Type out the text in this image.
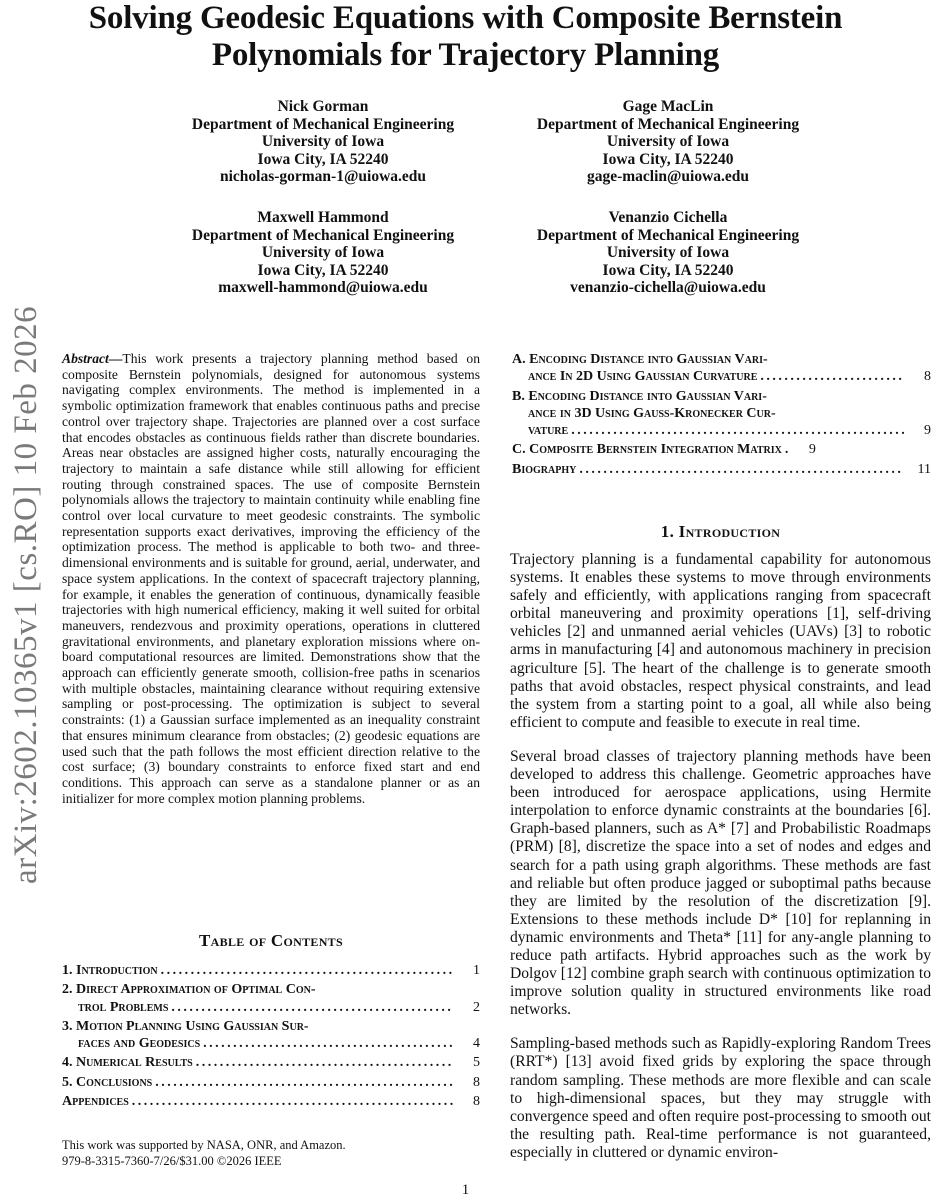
Solving Geodesic Equations with Composite Bernstein Polynomials for Trajectory Planning
Nick Gorman
Department of Mechanical Engineering
University of Iowa
Iowa City, IA 52240
nicholas-gorman-1@uiowa.edu
Gage MacLin
Department of Mechanical Engineering
University of Iowa
Iowa City, IA 52240
gage-maclin@uiowa.edu
Maxwell Hammond
Department of Mechanical Engineering
University of Iowa
Iowa City, IA 52240
maxwell-hammond@uiowa.edu
Venanzio Cichella
Department of Mechanical Engineering
University of Iowa
Iowa City, IA 52240
venanzio-cichella@uiowa.edu
arXiv:2602.10365v1 [cs.RO] 10 Feb 2026 Abstract—This work presents a trajectory planning method based on composite Bernstein polynomials, designed for autonomous systems navigating complex environments. The method is implemented in a symbolic optimization framework that enables continuous paths and precise control over trajectory shape. Trajectories are planned over a cost surface that encodes obstacles as continuous fields rather than discrete boundaries. Areas near obstacles are assigned higher costs, naturally encouraging the trajectory to maintain a safe distance while still allowing for efficient routing through constrained spaces. The use of composite Bernstein polynomials allows the trajectory to maintain continuity while enabling fine control over local curvature to meet geodesic constraints. The symbolic representation supports exact derivatives, improving the efficiency of the optimization process. The method is applicable to both two- and three-dimensional environments and is suitable for ground, aerial, underwater, and space system applications. In the context of spacecraft trajectory planning, for example, it enables the generation of continuous, dynamically feasible trajectories with high numerical efficiency, making it well suited for orbital maneuvers, rendezvous and proximity operations, operations in cluttered gravitational environments, and planetary exploration missions where on-board computational resources are limited. Demonstrations show that the approach can efficiently generate smooth, collision-free paths in scenarios with multiple obstacles, maintaining clearance without requiring extensive sampling or post-processing. The optimization is subject to several constraints: (1) a Gaussian surface implemented as an inequality constraint that ensures minimum clearance from obstacles; (2) geodesic equations are used such that the path follows the most efficient direction relative to the cost surface; (3) boundary constraints to enforce fixed start and end conditions. This approach can serve as a standalone planner or as an initializer for more complex motion planning problems.
Table of Contents
1. Introduction . . .	1
2. Direct Approximation of Optimal Con-
trol Problems . . .	2
3. Motion Planning Using Gaussian Sur-
faces and Geodesics . . .	4
4. Numerical Results . . .	5
5. Conclusions . . .	8
Appendices . . .	8
This work was supported by NASA, ONR, and Amazon.
979-8-3315-7360-7/26/$31.00 ©2026 IEEE
A. Encoding Distance into Gaussian Vari-
ance In 2D Using Gaussian Curvature . . .	8
B. Encoding Distance into Gaussian Vari-
ance in 3D Using Gauss-Kronecker Cur-
vature . . .	9
C. Composite Bernstein Integration Matrix . . .	9
Biography . . .	11
1. Introduction

Trajectory planning is a fundamental capability for autonomous systems. It enables these systems to move through environments safely and efficiently, with applications ranging from spacecraft orbital maneuvering and proximity operations [1], self-driving vehicles [2] and unmanned aerial vehicles (UAVs) [3] to robotic arms in manufacturing [4] and autonomous machinery in precision agriculture [5]. The heart of the challenge is to generate smooth paths that avoid obstacles, respect physical constraints, and lead the system from a starting point to a goal, all while also being efficient to compute and feasible to execute in real time.

Several broad classes of trajectory planning methods have been developed to address this challenge. Geometric approaches have been introduced for aerospace applications, using Hermite interpolation to enforce dynamic constraints at the boundaries [6]. Graph-based planners, such as A* [7] and Probabilistic Roadmaps (PRM) [8], discretize the space into a set of nodes and edges and search for a path using graph algorithms. These methods are fast and reliable but often produce jagged or suboptimal paths because they are limited by the resolution of the discretization [9]. Extensions to these methods include D* [10] for replanning in dynamic environments and Theta* [11] for any-angle planning to reduce path artifacts. Hybrid approaches such as the work by Dolgov [12] combine graph search with continuous optimization to improve solution quality in structured environments like road networks.

Sampling-based methods such as Rapidly-exploring Random Trees (RRT*) [13] avoid fixed grids by exploring the space through random sampling. These methods are more flexible and can scale to high-dimensional spaces, but they may struggle with convergence speed and often require post-processing to smooth out the resulting path. Real-time performance is not guaranteed, especially in cluttered or dynamic environ-

1
